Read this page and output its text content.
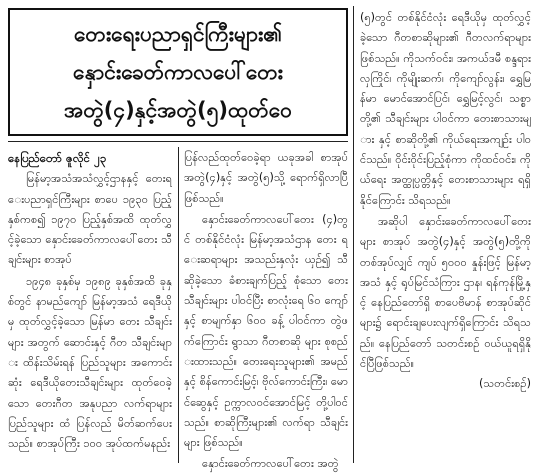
တေးရေးပညာရှင်ကြီးများ၏
နှောင်းခေတ်ကာလပေါ်တေး
အတွဲ(၄)နှင့်အတွဲ(၅)ထုတ်ဝေ
နေပြည်တော် ဇူလိုင် ၂၃

မြန်မာ့အသံအသံလွှင့်ဌာနနှင့် တေးရေးပညာရှင်ကြီးများ စာပေ ၁၉၃၀ ပြည့်နှစ်ကစ၍ ၁၉၇၀ ပြည့်နှစ်အထိ ထုတ်လွှင့်ခဲ့သော နှောင်းခေတ်ကာလပေါ်တေး သီချင်းများ စာအုပ်

၁၉၄၈ ခုနှစ်မှ ၁၉၈၉ ခုနှစ်အထိ ခုနှစ်တွင် နာမည်ကျော် မြန်မာ့အသံ ရေဒီယိုမှ ထုတ်လွှင့်ခဲ့သော မြန်မာ တေး သီချင်းများ အတွက် ဆောင်းနှင့် ဂီတ သီချင်းများ ထိန်းသိမ်းရန် ပြည်သူများ အကောင်းဆုံး ရေဒီယိုတေးသီချင်းများ ထုတ်ဝေခဲ့သော တေးဂီတ အနုပညာ လက်ရာများ ပြည်သူများ ထံ ပြန်လည် မိတ်ဆက်ပေးသည်။ စာအုပ်ကြီး ၁၀၀ အုပ်ထက်မနည်း

ပြန်လည်ထုတ်ဝေခဲ့ရာ ယခုအခါ စာအုပ်အတွဲ(၄)နှင့် အတွဲ(၅)သို့ ရောက်ရှိလာပြီဖြစ်သည်။

နှောင်းခေတ်ကာလပေါ်တေး (၄)တွင် တစ်နိုင်ငံလုံး မြန်မာ့အသံဌာန တေး ရေးဆရာများ အသည်းနှလုံး ယှဉ်၍ သီဆိုခဲ့သော ခံစားချက်ပြည့် စုံသော တေးသီချင်းများ ပါဝင်ပြီး စာလုံးရေ ၆၀ ကျော်နှင့် စာမျက်နှာ ၆၀၀ ခန့် ပါဝင်ကာ တွဲဖက်ကြောင်း ရွာသာ ဂီတစာဆို များ စုစည်းထားသည်။ တေးရေးသူများ၏ အမည် နှင့် စိန်ကောင်းမြင့်၊ ဗိုလ်ကောင်းကြီး၊ မောင်ဆွေနှင့် ဥက္ကာလဝင်အောင်မြင့် တို့ပါဝင်သည်။ စာဆိုကြီးများ၏ လက်ရာ သီချင်းများ ဖြစ်သည်။

နှောင်းခေတ်ကာလပေါ်တေး အတွဲ

(၅)တွင် တစ်နိုင်ငံလုံး ရေဒီယိုမှ ထုတ်လွှင့် ခဲ့သော ဂီတစာဆိုများ၏ ဂီတလက်ရာများ ဖြစ်သည်။ ကိုသက်ဝင်း၊ အကယ်ဒမီ စန္ဒရားလှကြိုင်၊ ကိုမျိုးဆက်၊ ကိုကျော်လွန်း၊ ရွှေမြန်မာ မောင်အောင်ပြင်၊ ရွှေမြင့်လွင်၊ သစ္စာတို့၏ သီချင်းများ ပါဝင်ကာ တေးစာသားများ နှင့် စာဆိုတို့၏ ကိုယ်ရေးအကျဉ်း ပါဝင်သည်။ ဝိုင်းဝိုင်းပြည့်စုံကာ ကိုထင်ဝင်း၊ ကိုယ်ရေး အတ္ထုပ္ပတ္တိနှင့် တေးစာသားများ ရရှိ နိုင်ကြောင်း သိရသည်။

အဆိုပါ နှောင်းခေတ်ကာလပေါ်တေး များ စာအုပ် အတွဲ(၄)နှင့် အတွဲ(၅)တို့ကို တစ်အုပ်လျှင် ကျပ် ၅၀၀၀ နှုန်းဖြင့် မြန်မာ့အသံ နှင့် ရုပ်မြင်သံကြား ဌာန၊ ရန်ကုန်မြို့နှင့် နေပြည်တော်ရှိ စာပေဗိမာန် စာအုပ်ဆိုင်များ၌ ရောင်းချပေးလျက်ရှိကြောင်း သိရသည်။ နေပြည်တော် သတင်းစဉ် ဝယ်ယူရရှိနိုင်ပြီဖြစ်သည်။

(သတင်းစဉ်)
